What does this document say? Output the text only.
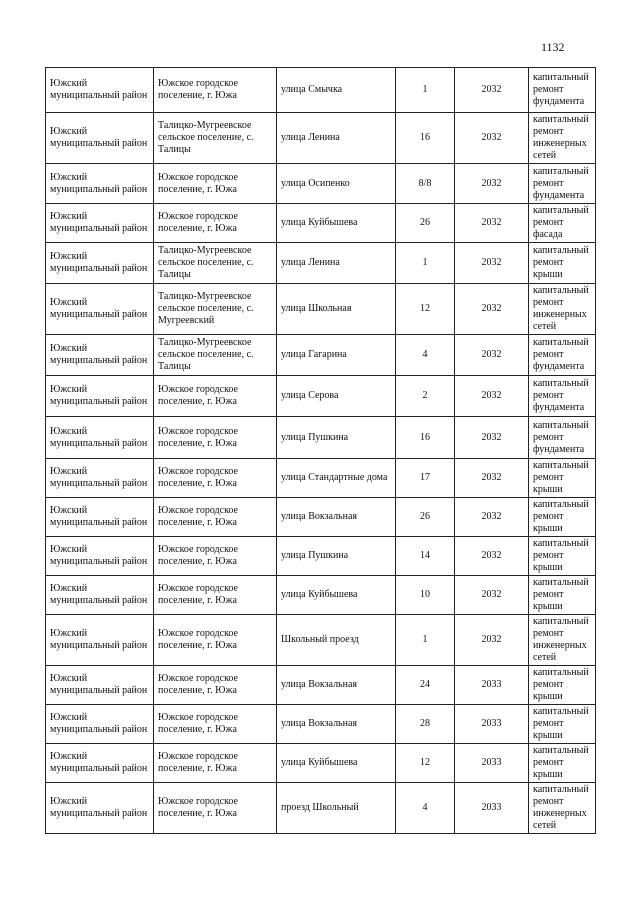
1132
Южский муниципальный район	Южское городское поселение, г. Южа	улица Смычка	1	2032	капитальный ремонт фундамента
Южский муниципальный район	Талицко-Мугреевское сельское поселение, с. Талицы	улица Ленина	16	2032	капитальный ремонт инженерных сетей
Южский муниципальный район	Южское городское поселение, г. Южа	улица Осипенко	8/8	2032	капитальный ремонт фундамента
Южский муниципальный район	Южское городское поселение, г. Южа	улица Куйбышева	26	2032	капитальный ремонт фасада
Южский муниципальный район	Талицко-Мугреевское сельское поселение, с. Талицы	улица Ленина	1	2032	капитальный ремонт крыши
Южский муниципальный район	Талицко-Мугреевское сельское поселение, с. Мугреевский	улица Школьная	12	2032	капитальный ремонт инженерных сетей
Южский муниципальный район	Талицко-Мугреевское сельское поселение, с. Талицы	улица Гагарина	4	2032	капитальный ремонт фундамента
Южский муниципальный район	Южское городское поселение, г. Южа	улица Серова	2	2032	капитальный ремонт фундамента
Южский муниципальный район	Южское городское поселение, г. Южа	улица Пушкина	16	2032	капитальный ремонт фундамента
Южский муниципальный район	Южское городское поселение, г. Южа	улица Стандартные дома	17	2032	капитальный ремонт крыши
Южский муниципальный район	Южское городское поселение, г. Южа	улица Вокзальная	26	2032	капитальный ремонт крыши
Южский муниципальный район	Южское городское поселение, г. Южа	улица Пушкина	14	2032	капитальный ремонт крыши
Южский муниципальный район	Южское городское поселение, г. Южа	улица Куйбышева	10	2032	капитальный ремонт крыши
Южский муниципальный район	Южское городское поселение, г. Южа	Школьный проезд	1	2032	капитальный ремонт инженерных сетей
Южский муниципальный район	Южское городское поселение, г. Южа	улица Вокзальная	24	2033	капитальный ремонт крыши
Южский муниципальный район	Южское городское поселение, г. Южа	улица Вокзальная	28	2033	капитальный ремонт крыши
Южский муниципальный район	Южское городское поселение, г. Южа	улица Куйбышева	12	2033	капитальный ремонт крыши
Южский муниципальный район	Южское городское поселение, г. Южа	проезд Школьный	4	2033	капитальный ремонт инженерных сетей
